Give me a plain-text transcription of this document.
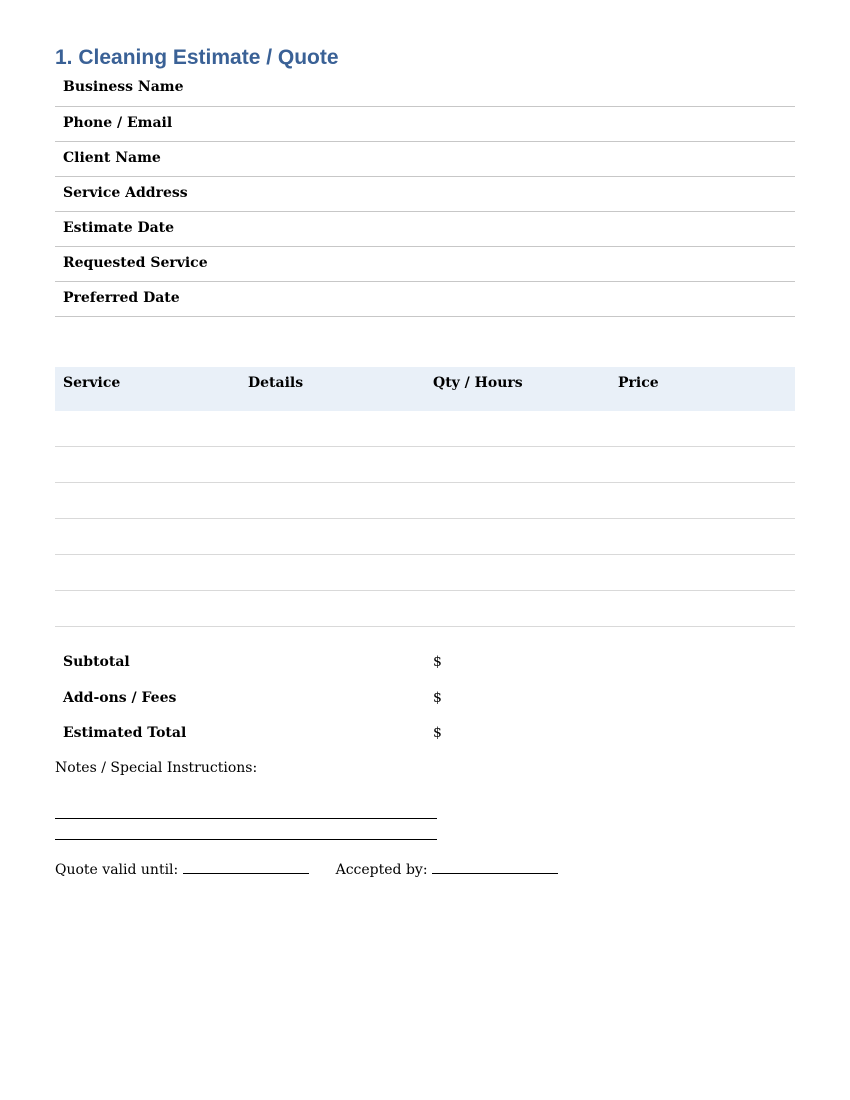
1. Cleaning Estimate / Quote
Business Name
Phone / Email
Client Name
Service Address
Estimate Date
Requested Service
Preferred Date
Service	Details	Qty / Hours	Price

Subtotal	$
Add-ons / Fees	$
Estimated Total	$
Notes / Special Instructions:
Quote valid until:	Accepted by:
